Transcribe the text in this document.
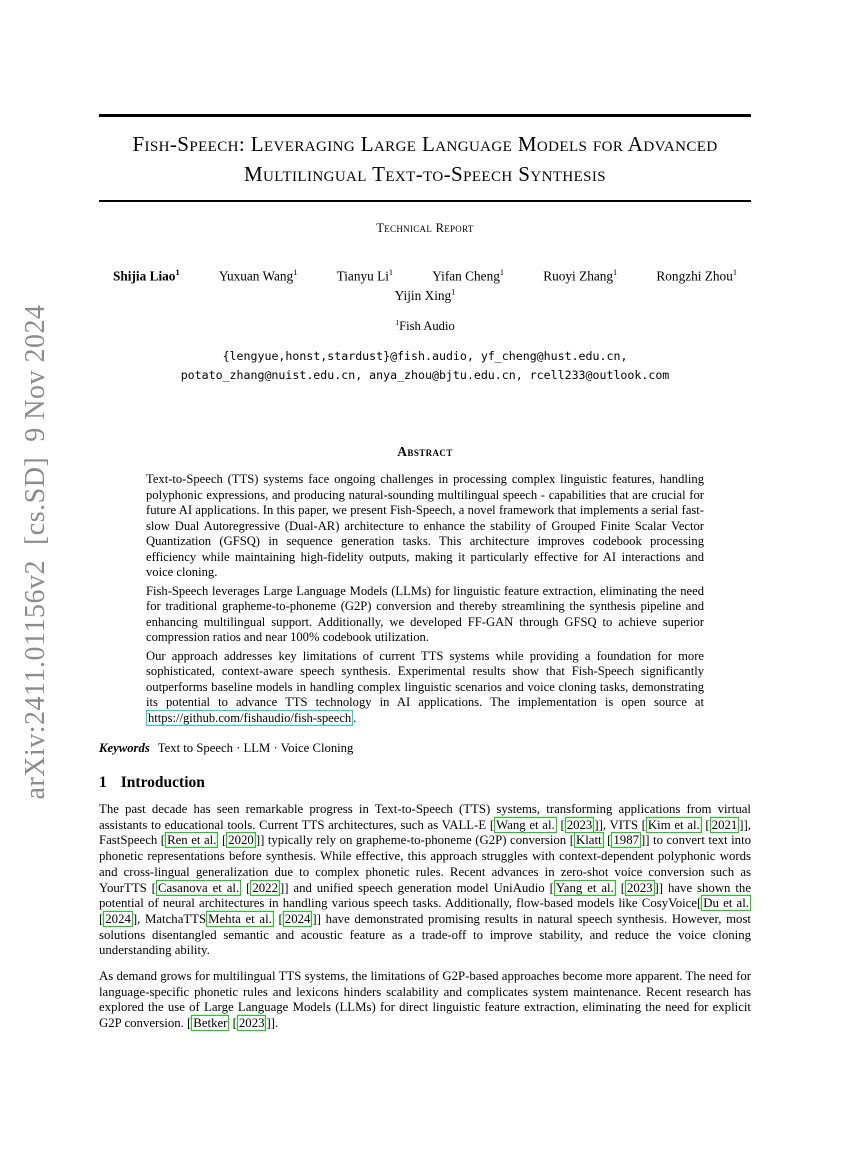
arXiv:2411.01156v2  [cs.SD]  9 Nov 2024
Fish-Speech: Leveraging Large Language Models for Advanced Multilingual Text-to-Speech Synthesis
Technical Report
Shijia Liao$^1$	Yuxuan Wang$^1$	Tianyu Li$^1$	Yifan Cheng$^1$	Ruoyi Zhang$^1$	Rongzhi Zhou$^1$
Yijin Xing$^1$
$^1$Fish Audio
{lengyue,honst,stardust}@fish.audio, yf_cheng@hust.edu.cn,
potato_zhang@nuist.edu.cn, anya_zhou@bjtu.edu.cn, rcell233@outlook.com
Abstract

Text-to-Speech (TTS) systems face ongoing challenges in processing complex linguistic features, handling polyphonic expressions, and producing natural-sounding multilingual speech - capabilities that are crucial for future AI applications. In this paper, we present Fish-Speech, a novel framework that implements a serial fast-slow Dual Autoregressive (Dual-AR) architecture to enhance the stability of Grouped Finite Scalar Vector Quantization (GFSQ) in sequence generation tasks. This architecture improves codebook processing efficiency while maintaining high-fidelity outputs, making it particularly effective for AI interactions and voice cloning.

Fish-Speech leverages Large Language Models (LLMs) for linguistic feature extraction, eliminating the need for traditional grapheme-to-phoneme (G2P) conversion and thereby streamlining the synthesis pipeline and enhancing multilingual support. Additionally, we developed FF-GAN through GFSQ to achieve superior compression ratios and near 100% codebook utilization.

Our approach addresses key limitations of current TTS systems while providing a foundation for more sophisticated, context-aware speech synthesis. Experimental results show that Fish-Speech significantly outperforms baseline models in handling complex linguistic scenarios and voice cloning tasks, demonstrating its potential to advance TTS technology in AI applications. The implementation is open source at https://github.com/fishaudio/fish-speech .

Keywords Text to Speech · LLM · Voice Cloning
1 Introduction

The past decade has seen remarkable progress in Text-to-Speech (TTS) systems, transforming applications from virtual assistants to educational tools. Current TTS architectures, such as VALL-E [ Wang et al. [ 2023 ]], VITS [ Kim et al. [ 2021 ]], FastSpeech [ Ren et al. [ 2020 ]] typically rely on grapheme-to-phoneme (G2P) conversion [ Klatt [ 1987 ]] to convert text into phonetic representations before synthesis. While effective, this approach struggles with context-dependent polyphonic words and cross-lingual generalization due to complex phonetic rules. Recent advances in zero-shot voice conversion such as YourTTS [ Casanova et al. [ 2022 ]] and unified speech generation model UniAudio [ Yang et al. [ 2023 ]] have shown the potential of neural architectures in handling various speech tasks. Additionally, flow-based models like CosyVoice[ Du et al. [ 2024 ], MatchaTTS Mehta et al. [ 2024 ]] have demonstrated promising results in natural speech synthesis. However, most solutions disentangled semantic and acoustic feature as a trade-off to improve stability, and reduce the voice cloning understanding ability.

As demand grows for multilingual TTS systems, the limitations of G2P-based approaches become more apparent. The need for language-specific phonetic rules and lexicons hinders scalability and complicates system maintenance. Recent research has explored the use of Large Language Models (LLMs) for direct linguistic feature extraction, eliminating the need for explicit G2P conversion. [ Betker [ 2023 ]].
